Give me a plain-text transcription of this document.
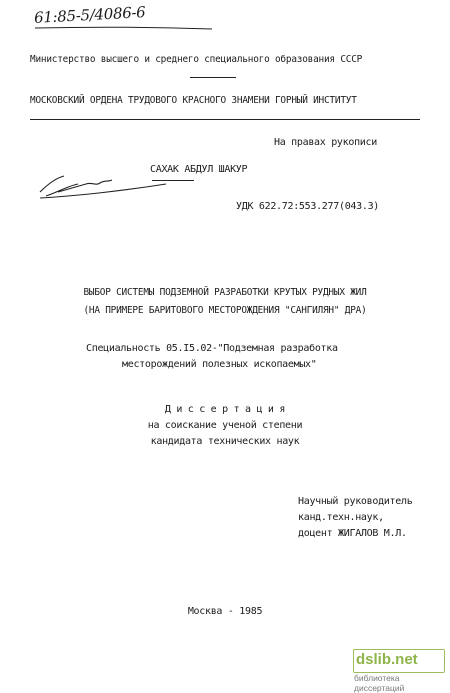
61:85-5/4086-6
Министерство высшего и среднего специального образования СССР
МОСКОВСКИЙ ОРДЕНА ТРУДОВОГО КРАСНОГО ЗНАМЕНИ ГОРНЫЙ ИНСТИТУТ
На правах рукописи
САХАК АБДУЛ ШАКУР
УДК 622.72:553.277(043.3)
ВЫБОР СИСТЕМЫ ПОДЗЕМНОЙ РАЗРАБОТКИ КРУТЫХ РУДНЫХ ЖИЛ
(НА ПРИМЕРЕ БАРИТОВОГО МЕСТОРОЖДЕНИЯ "САНГИЛЯН" ДРА)
Специальность 05.I5.02-"Подземная разработка
месторождений полезных ископаемых"
Д и с с е р т а ц и я
на соискание ученой степени
кандидата технических наук
Научный руководитель
канд.техн.наук,
доцент ЖИГАЛОВ М.Л.
Москва - 1985
dslib.net
библиотека диссертаций
